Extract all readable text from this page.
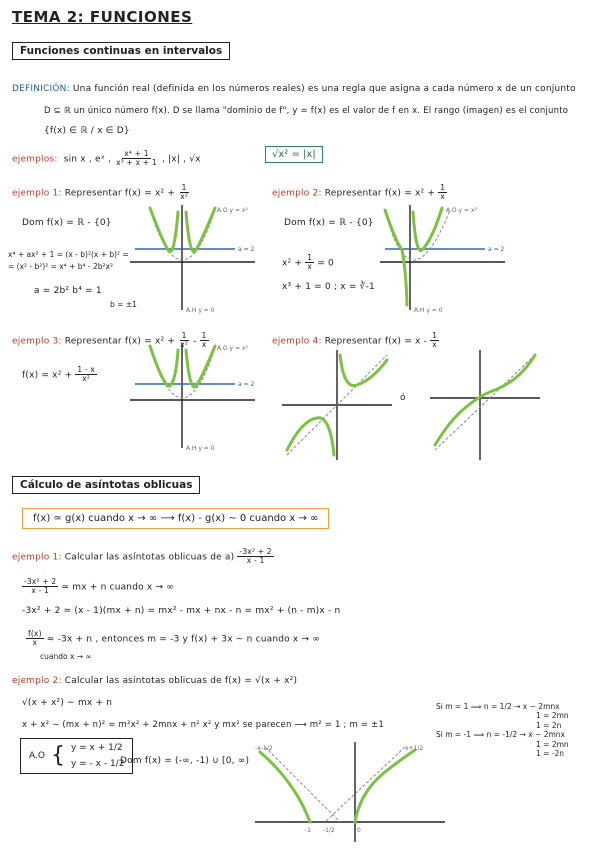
TEMA 2: FUNCIONES
Funciones continuas en intervalos
DEFINICIÓN: Una función real (definida en los números reales) es una regla que asigna a cada número x de un conjunto
D ⊆ ℝ un único número f(x). D se llama "dominio de f", y = f(x) es el valor de f en x. El rango (imagen) es el conjunto
{f(x) ∈ ℝ / x ∈ D}
ejemplos: sin x , eˣ , $\frac{\text{x⁴ + 1}}{\text{x³ + x + 1}}$ , |x| , √x	√x² = |x|
ejemplo 1: Representar $f(x) = x^2 + \frac{1}{\text{x²}}$
Dom f(x) = ℝ - {0}
x⁴ + ax² + 1 = (x - b)²(x + b)² =
= (x² - b²)² = x⁴ + b⁴ - 2b²x²
a = 2b² b⁴ = 1
b = ±1
A.O y = x²
A.H y = 0
a = 2
ejemplo 2: Representar $f(x) = x^2 + \frac{1}{x}$
Dom f(x) = ℝ - {0}
$x^2 + \frac{1}{x} = 0$
x³ + 1 = 0 ; x = ∛-1
A.O y = x²
A.H y = 0
a = 2
ejemplo 3: Representar $f(x) = x^2 + \frac{1}{\text{x²}} - \frac{1}{x}$
$f(x) = x^2 + \frac{1 - x}{\text{x²}}$
A.O y = x²
A.H y = 0
a = 2
ejemplo 4: Representar $f(x) = x - \frac{1}{x}$
ó
Cálculo de asíntotas oblicuas
f(x) ≃ g(x) cuando x → ∞ ⟶ f(x) - g(x) ∼ 0 cuando x → ∞
ejemplo 1: Calcular las asíntotas oblicuas de $a) \frac{\text{-3x² + 2}}{x - 1}$
$\frac{\text{-3x² + 2}}{x - 1}$ ≃ mx + n cuando x → ∞
-3x² + 2 ≃ (x - 1)(mx + n) = mx² - mx + nx - n = mx² + (n - m)x - n
$\frac{f(x)}{x} \approx -3x + n$ , entonces m = -3 y f(x) + 3x ∼ n cuando x → ∞
cuando x → ∞
ejemplo 2: Calcular las asíntotas oblicuas de f(x) = √(x + x²)
√(x + x²) ∼ mx + n
x + x² ∼ (mx + n)² = m²x² + 2mnx + n² x² y mx² se parecen ⟶ m² = 1 ; m = ±1
Si m = 1 ⟹ n = 1/2 → x ∼ 2mnx
1 = 2mn
1 = 2n
Si m = -1 ⟹ n = -1/2 → x ∼ 2mnx
1 = 2mn
1 = -2n
A.O { y = x + 1/2
y = - x - 1/2
Dom f(x) = (-∞, -1) ∪ [0, ∞)
-x-1/2	x+1/2
-1 -1/2	0
